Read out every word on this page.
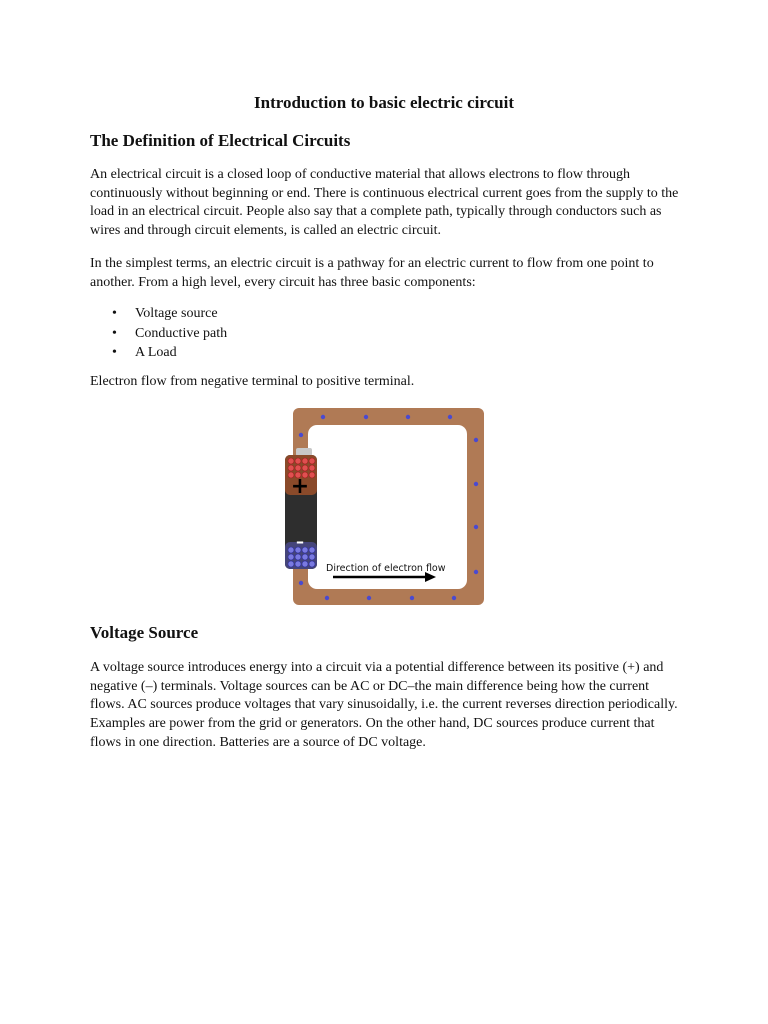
Introduction to basic electric circuit
The Definition of Electrical Circuits

An electrical circuit is a closed loop of conductive material that allows electrons to flow through continuously without beginning or end. There is continuous electrical current goes from the supply to the load in an electrical circuit. People also say that a complete path, typically through conductors such as wires and through circuit elements, is called an electric circuit.

In the simplest terms, an electric circuit is a pathway for an electric current to flow from one point to another. From a high level, every circuit has three basic components:

• Voltage source
• Conductive path
• A Load

Electron flow from negative terminal to positive terminal.

+
–
Direction of electron flow
Voltage Source

A voltage source introduces energy into a circuit via a potential difference between its positive (+) and negative (–) terminals. Voltage sources can be AC or DC–the main difference being how the current flows. AC sources produce voltages that vary sinusoidally, i.e. the current reverses direction periodically. Examples are power from the grid or generators. On the other hand, DC sources produce current that flows in one direction. Batteries are a source of DC voltage.
